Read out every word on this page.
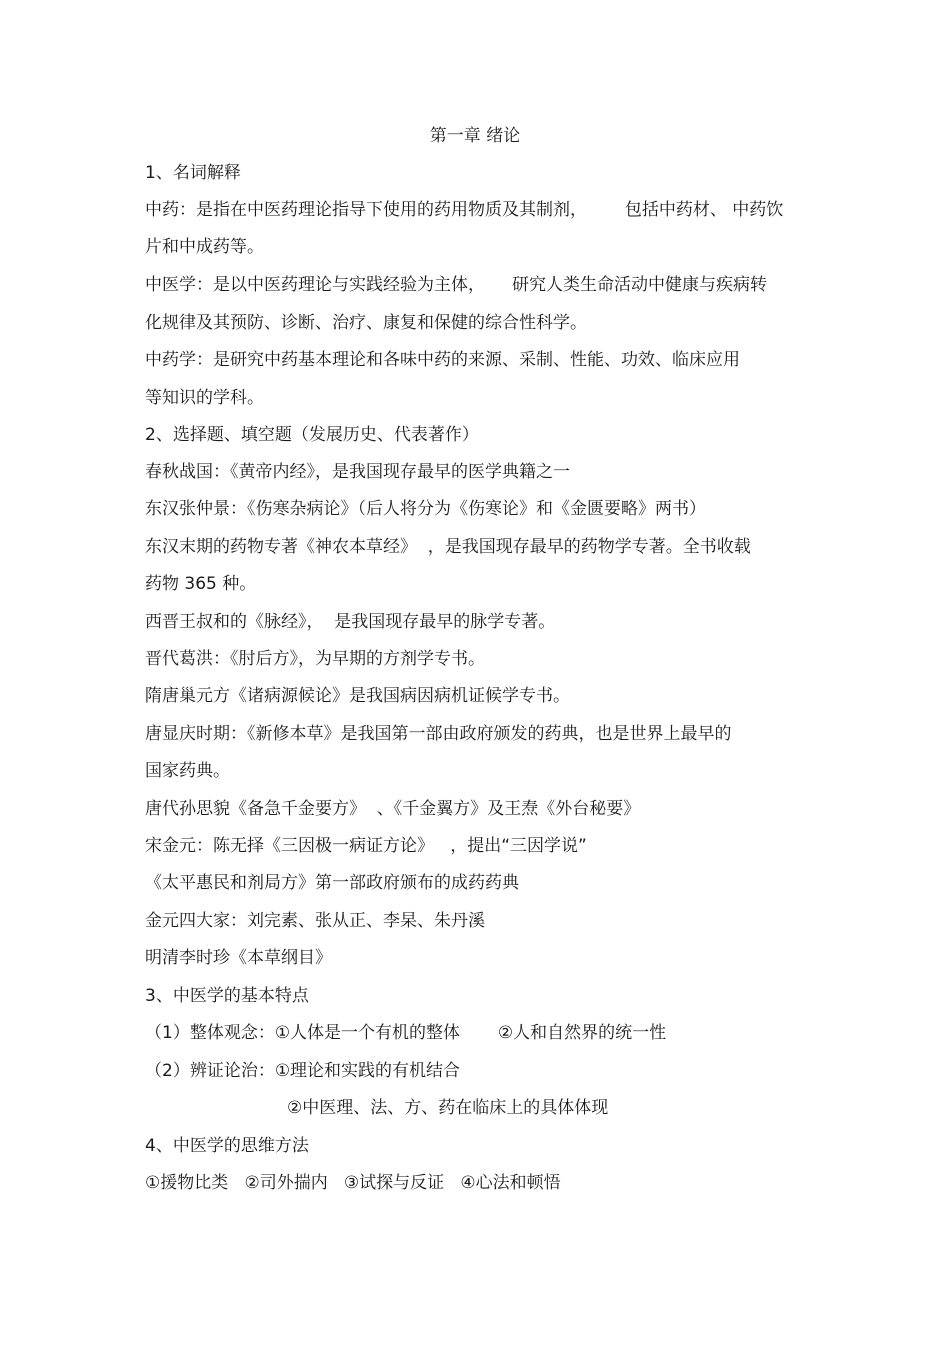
第一章 绪论
1、名词解释
中药：是指在中医药理论指导下使用的药用物质及其制剂，       包括中药材、 中药饮
片和中成药等。
中医学：是以中医药理论与实践经验为主体，     研究人类生命活动中健康与疾病转
化规律及其预防、诊断、治疗、康复和保健的综合性科学。
中药学：是研究中药基本理论和各味中药的来源、采制、性能、功效、临床应用
等知识的学科。
2、选择题、填空题（发展历史、代表著作）
春秋战国：《黄帝内经》，是我国现存最早的医学典籍之一
东汉张仲景：《伤寒杂病论》（后人将分为《伤寒论》和《金匮要略》两书）
东汉末期的药物专著《神农本草经》  ，是我国现存最早的药物学专著。全书收载
药物 365 种。
西晋王叔和的《脉经》，  是我国现存最早的脉学专著。
晋代葛洪：《肘后方》，为早期的方剂学专书。
隋唐巢元方《诸病源候论》是我国病因病机证候学专书。
唐显庆时期：《新修本草》是我国第一部由政府颁发的药典，也是世界上最早的
国家药典。
唐代孙思貌《备急千金要方》  、《千金翼方》及王焘《外台秘要》
宋金元：陈无择《三因极一病证方论》   ，提出“三因学说”
《太平惠民和剂局方》第一部政府颁布的成药药典
金元四大家：刘完素、张从正、李杲、朱丹溪
明清李时珍《本草纲目》
3、中医学的基本特点
（1）整体观念：①人体是一个有机的整体       ②人和自然界的统一性
（2）辨证论治：①理论和实践的有机结合
②中医理、法、方、药在临床上的具体体现
4、中医学的思维方法
①援物比类   ②司外揣内   ③试探与反证   ④心法和顿悟
